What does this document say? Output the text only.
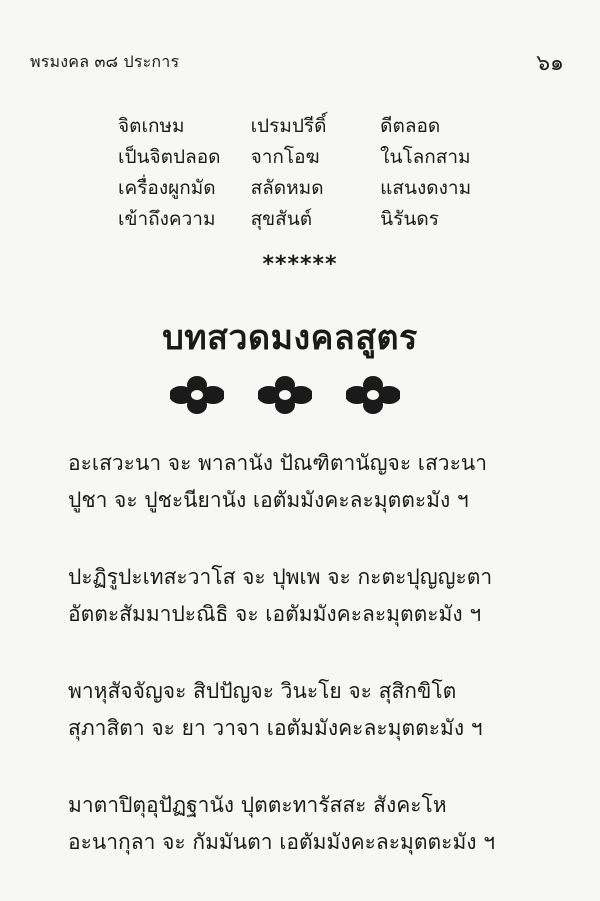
พรมงคล ๓๘ ประการ	๖๑
จิตเกษม	เปรมปรีดิ์	ดีตลอด
เป็นจิตปลอด	จากโอฆ	ในโลกสาม
เครื่องผูกมัด	สลัดหมด	แสนงดงาม
เข้าถึงความ	สุขสันต์	นิรันดร
******
บทสวดมงคลสูตร
อะเสวะนา จะ พาลานัง ปัณฑิตานัญจะ เสวะนา
ปูชา จะ ปูชะนียานัง เอตัมมังคะละมุตตะมัง ฯ
ปะฏิรูปะเทสะวาโส จะ ปุพเพ จะ กะตะปุญญะตา
อัตตะสัมมาปะณิธิ จะ เอตัมมังคะละมุตตะมัง ฯ
พาหุสัจจัญจะ สิปปัญจะ วินะโย จะ สุสิกขิโต
สุภาสิตา จะ ยา วาจา เอตัมมังคะละมุตตะมัง ฯ
มาตาปิตุอุปัฏฐานัง ปุตตะทารัสสะ สังคะโห
อะนากุลา จะ กัมมันตา เอตัมมังคะละมุตตะมัง ฯ
